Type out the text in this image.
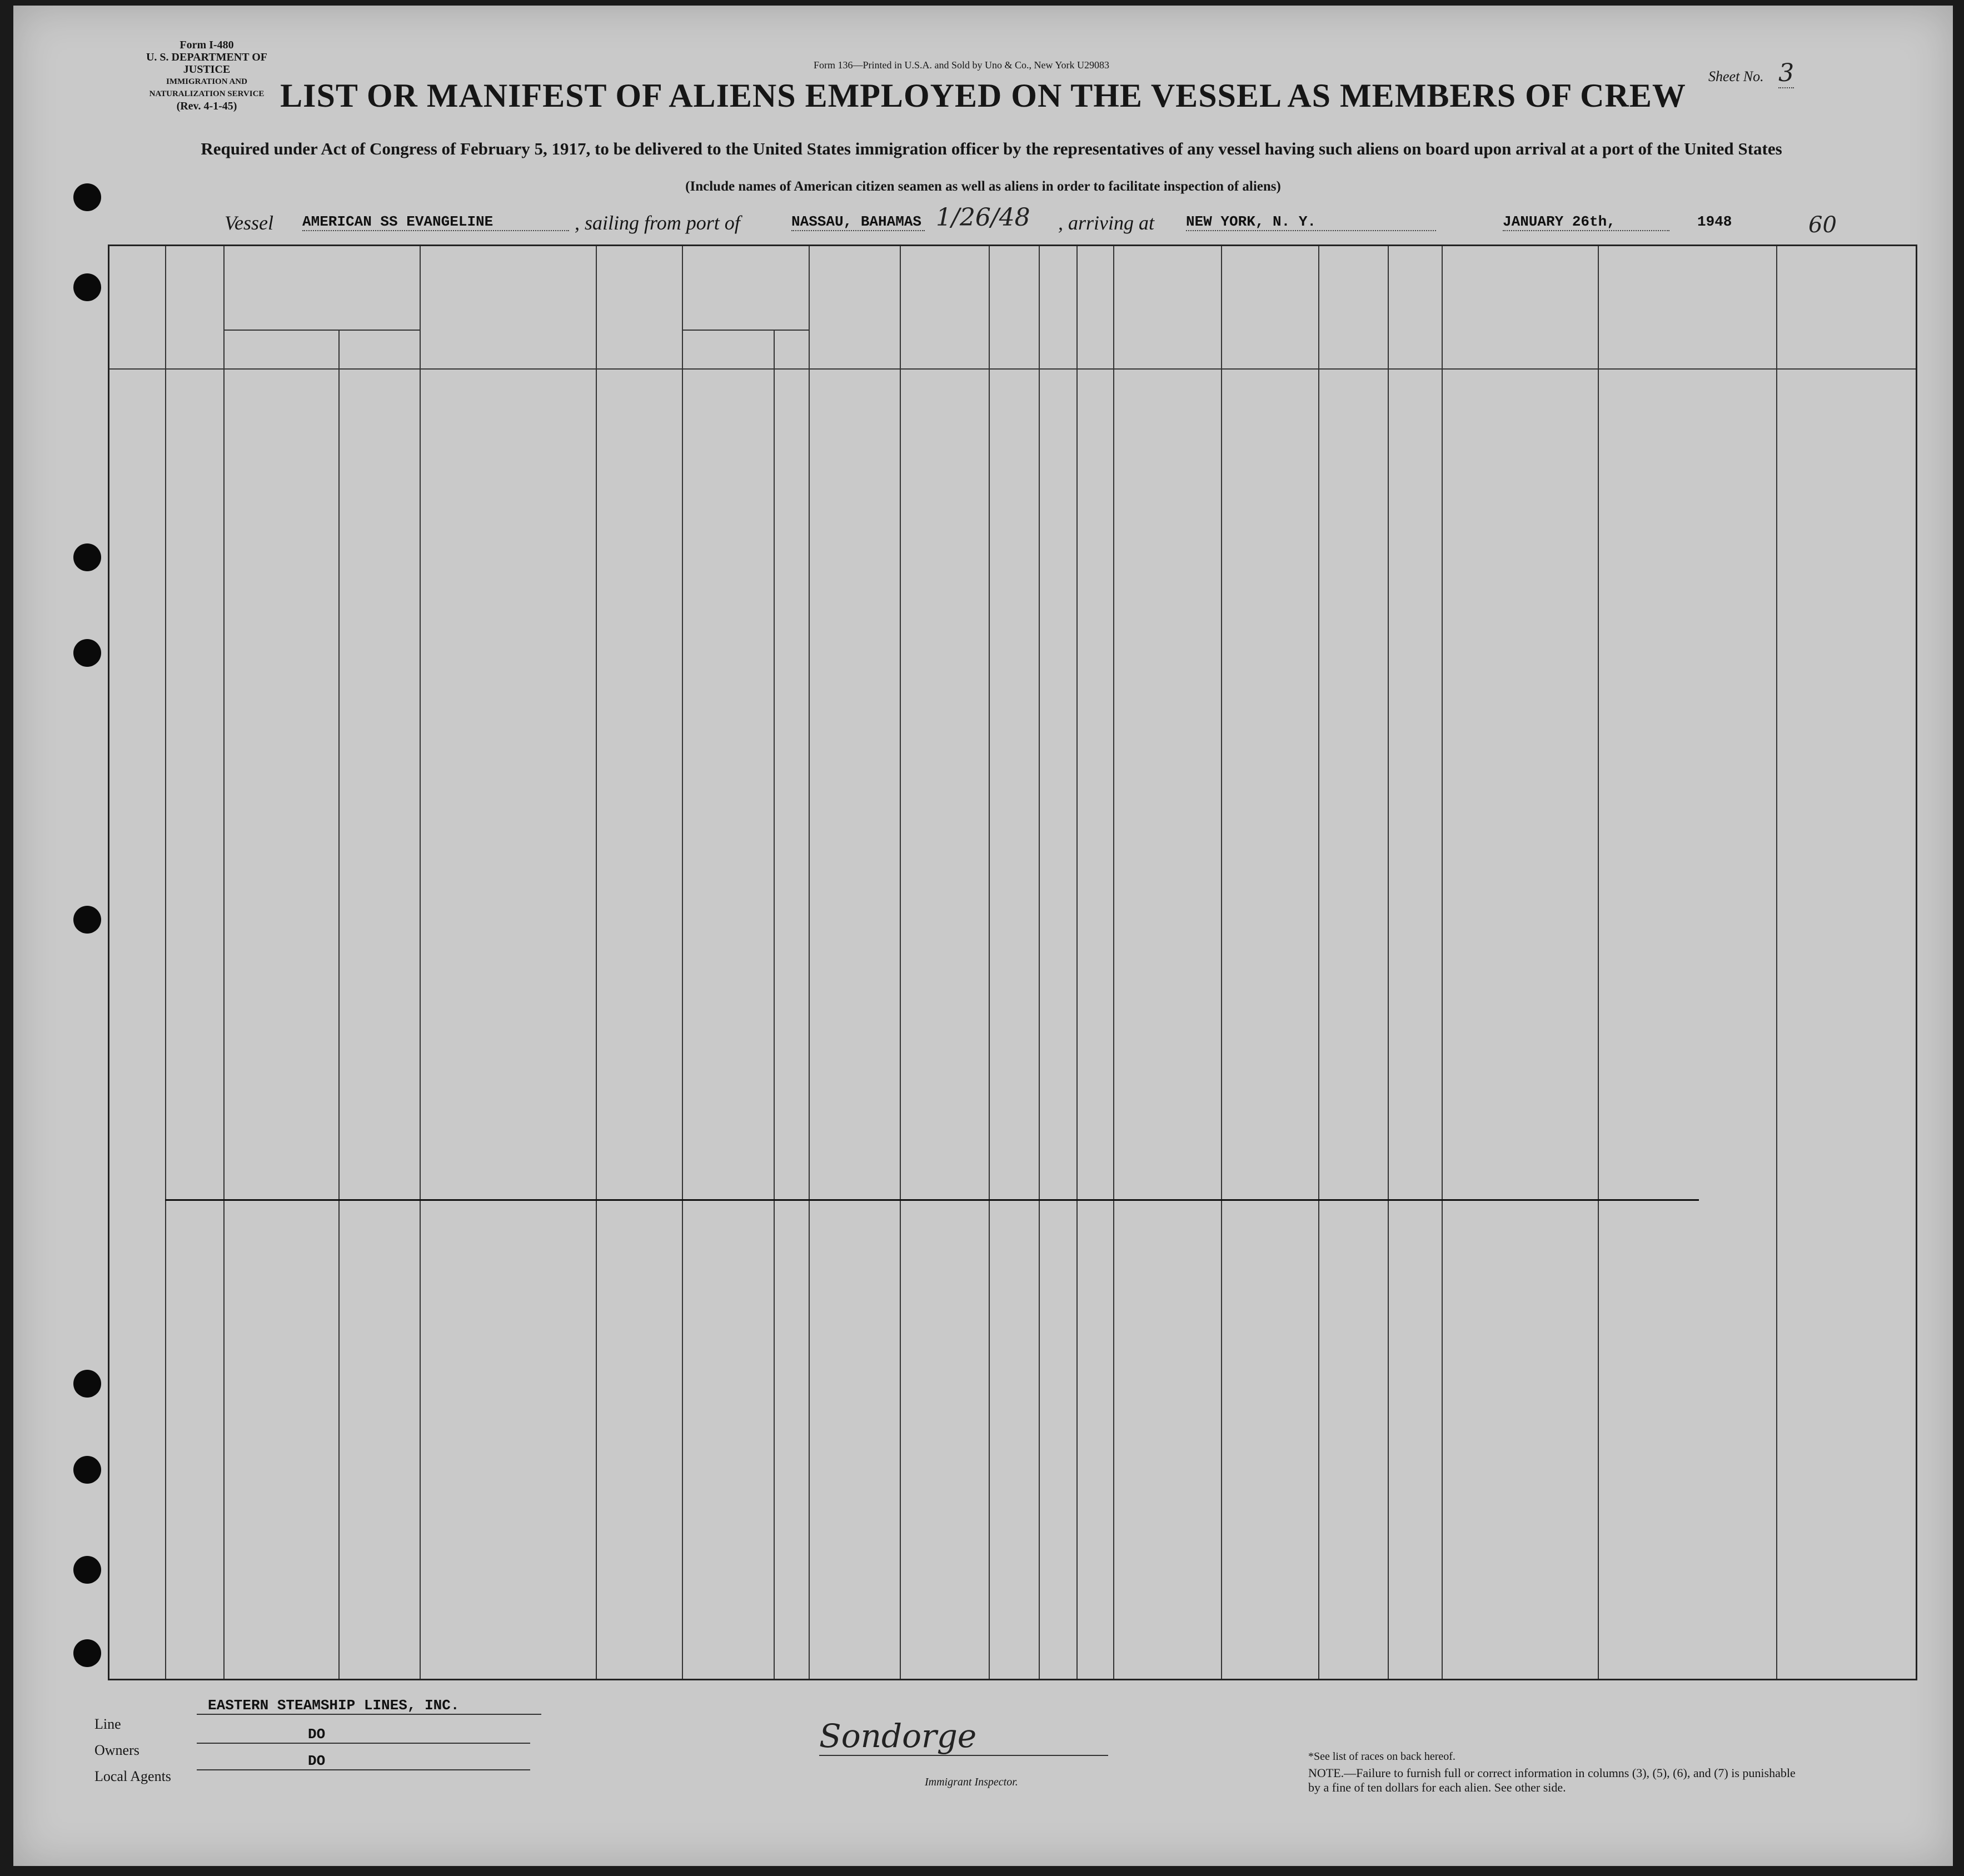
Form I-480
U. S. DEPARTMENT OF JUSTICE
IMMIGRATION AND NATURALIZATION SERVICE
(Rev. 4-1-45)
Form 136—Printed in U.S.A. and Sold by Uno & Co., New York U29083
Sheet No. 3
LIST OR MANIFEST OF ALIENS EMPLOYED ON THE VESSEL AS MEMBERS OF CREW
Required under Act of Congress of February 5, 1917, to be delivered to the United States immigration officer by the representatives of any vessel having such aliens on board upon arrival at a port of the United States
(Include names of American citizen seamen as well as aliens in order to facilitate inspection of aliens)
Vessel AMERICAN SS EVANGELINE	, sailing from port of	NASSAU, BAHAMAS 1/26/48 , arriving at NEW YORK, N. Y.	JANUARY 26th,	1948	60
Line
EASTERN STEAMSHIP LINES, INC.
Owners
DO
Local Agents
DO
Sondorge
Immigrant Inspector.
*See list of races on back hereof.
NOTE.—Failure to furnish full or correct information in columns (3), (5), (6), and (7) is punishable by a fine of ten dollars for each alien. See other side.
